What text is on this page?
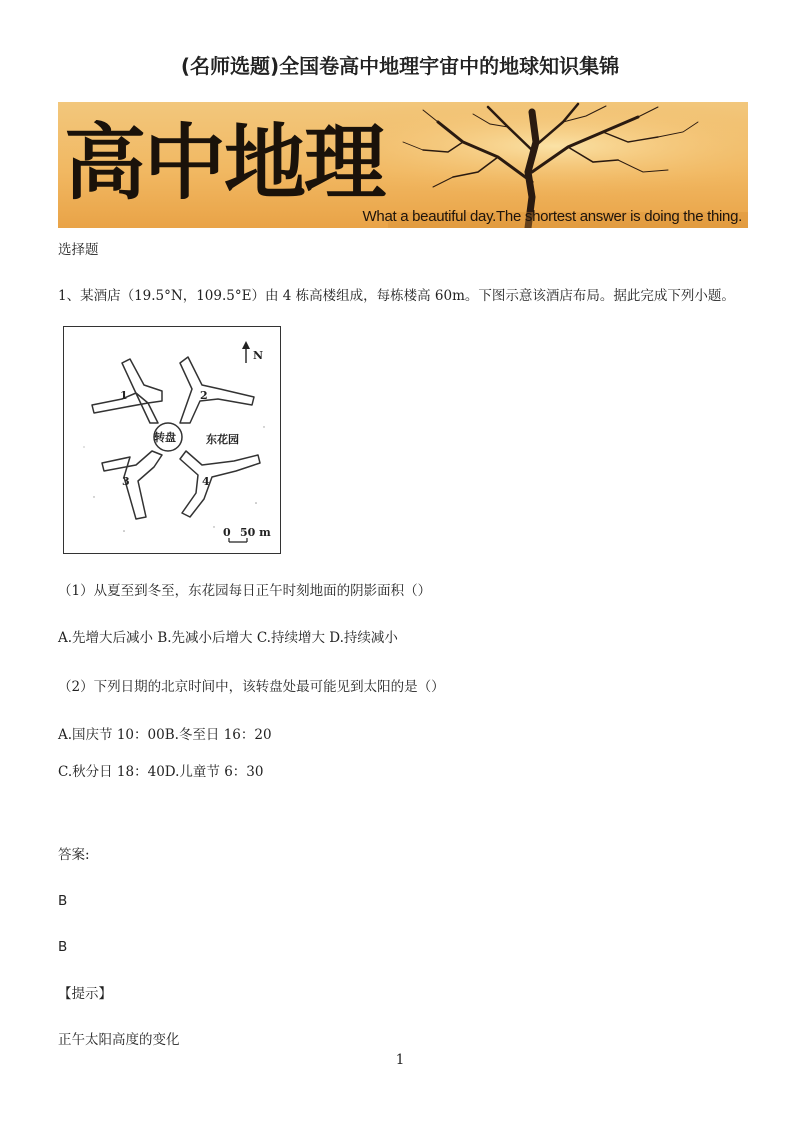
(名师选题)全国卷高中地理宇宙中的地球知识集锦
高中地理
What a beautiful day.The shortest answer is doing the thing.
选择题
1、某酒店（19.5°N，109.5°E）由 4 栋高楼组成，每栋楼高 60m。下图示意该酒店布局。据此完成下列小题。
N
转盘	东花园
1	2
3	4
0 50 m
（1）从夏至到冬至，东花园每日正午时刻地面的阴影面积（）
A.先增大后减小 B.先减小后增大 C.持续增大 D.持续减小
（2）下列日期的北京时间中，该转盘处最可能见到太阳的是（）
A.国庆节 10：00B.冬至日 16：20
C.秋分日 18：40D.儿童节 6：30
答案:
B
B
【提示】
正午太阳高度的变化
1
